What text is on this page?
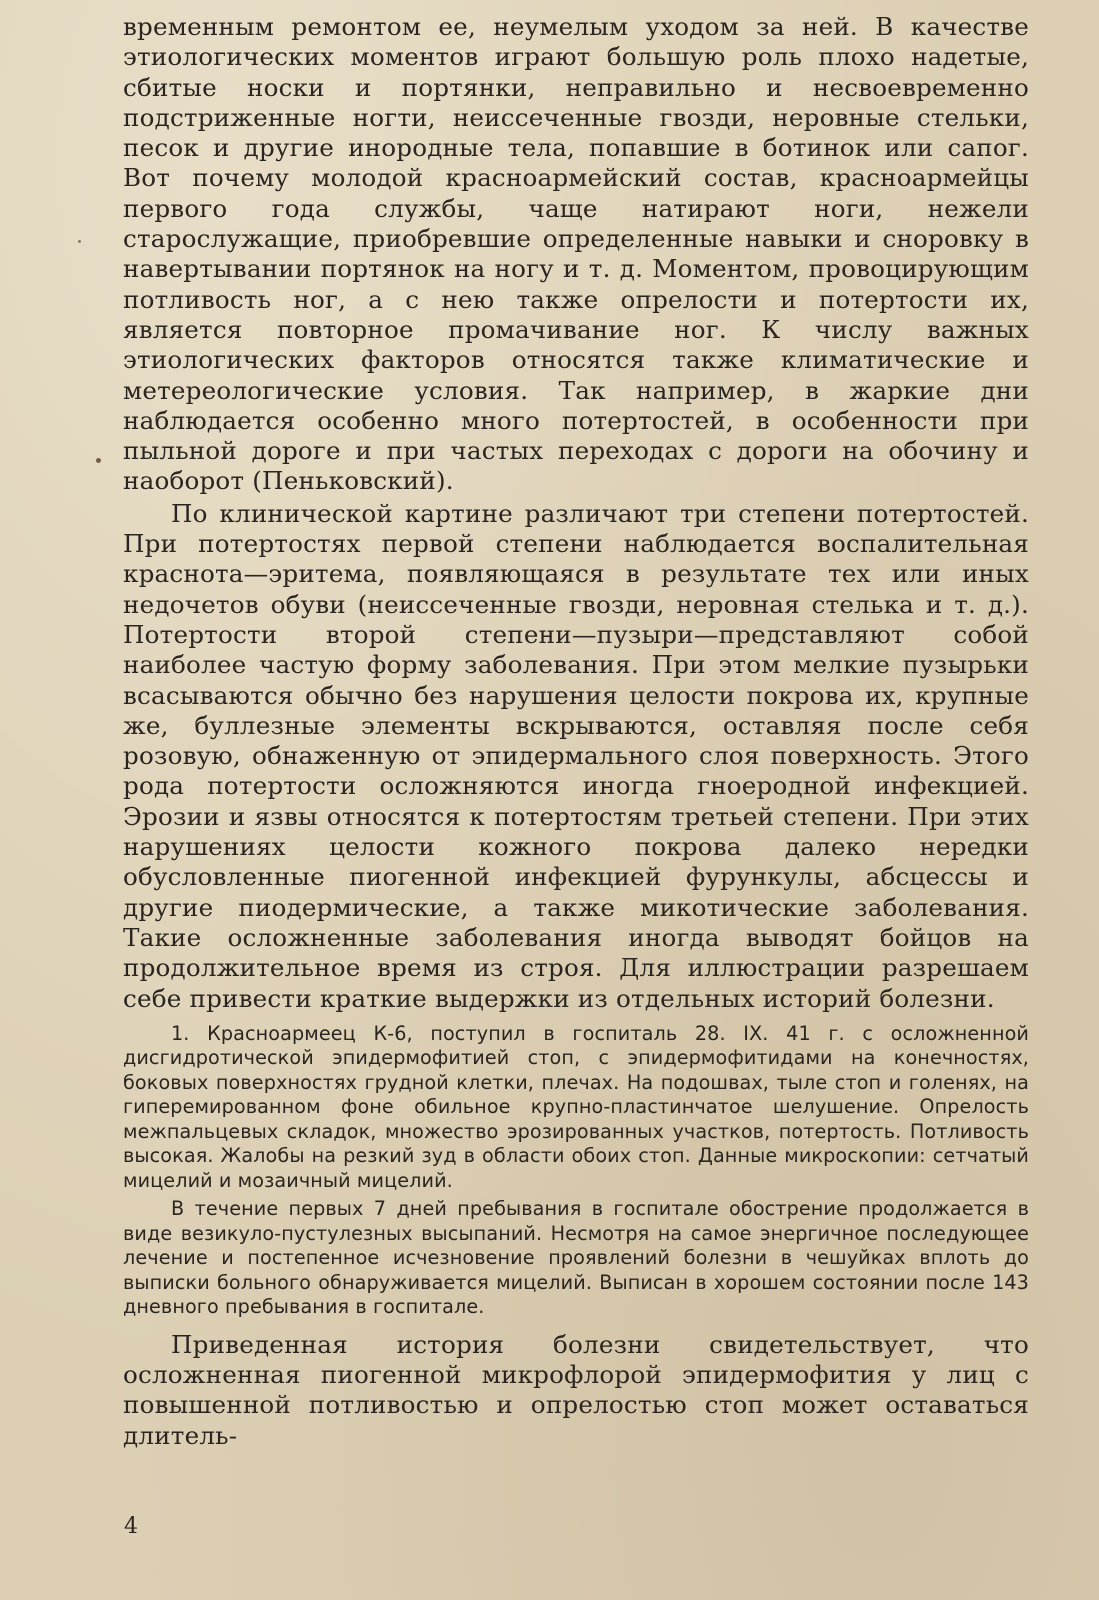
временным ремонтом ее, неумелым уходом за ней. В качестве этиологических моментов играют большую роль плохо надетые, сбитые носки и портянки, неправильно и несвоевременно подстриженные ногти, неиссеченные гвозди, неровные стельки, песок и другие инородные тела, попавшие в ботинок или сапог. Вот почему молодой красноармейский состав, красноармейцы первого года службы, чаще натирают ноги, нежели старослужащие, приобревшие определенные навыки и сноровку в навертывании портянок на ногу и т. д. Моментом, провоцирующим потливость ног, а с нею также опрелости и потертости их, является повторное промачивание ног. К числу важных этиологических факторов относятся также климатические и метереологические условия. Так например, в жаркие дни наблюдается особенно много потертостей, в особенности при пыльной дороге и при частых переходах с дороги на обочину и наоборот (Пеньковский).

По клинической картине различают три степени потертостей. При потертостях первой степени наблюдается воспалительная краснота—эритема, появляющаяся в результате тех или иных недочетов обуви (неиссеченные гвозди, неровная стелька и т. д.). Потертости второй степени—пузыри—представляют собой наиболее частую форму заболевания. При этом мелкие пузырьки всасываются обычно без нарушения целости покрова их, крупные же, буллезные элементы вскрываются, оставляя после себя розовую, обнаженную от эпидермального слоя поверхность. Этого рода потертости осложняются иногда гноеродной инфекцией. Эрозии и язвы относятся к потертостям третьей степени. При этих нарушениях целости кожного покрова далеко нередки обусловленные пиогенной инфекцией фурункулы, абсцессы и другие пиодермические, а также микотические заболевания. Такие осложненные заболевания иногда выводят бойцов на продолжительное время из строя. Для иллюстрации разрешаем себе привести краткие выдержки из отдельных историй болезни.

1. Красноармеец К-6, поступил в госпиталь 28. IX. 41 г. с осложненной дисгидротической эпидермофитией стоп, с эпидермофитидами на конечностях, боковых поверхностях грудной клетки, плечах. На подошвах, тыле стоп и голенях, на гиперемированном фоне обильное крупно-пластинчатое шелушение. Опрелость межпальцевых складок, множество эрозированных участков, потертость. Потливость высокая. Жалобы на резкий зуд в области обоих стоп. Данные микроскопии: сетчатый мицелий и мозаичный мицелий.

В течение первых 7 дней пребывания в госпитале обострение продолжается в виде везикуло-пустулезных высыпаний. Несмотря на самое энергичное последующее лечение и постепенное исчезновение проявлений болезни в чешуйках вплоть до выписки больного обнаруживается мицелий. Выписан в хорошем состоянии после 143 дневного пребывания в госпитале.

Приведенная история болезни свидетельствует, что осложненная пиогенной микрофлорой эпидермофития у лиц с повышенной потливостью и опрелостью стоп может оставаться длитель-

4
